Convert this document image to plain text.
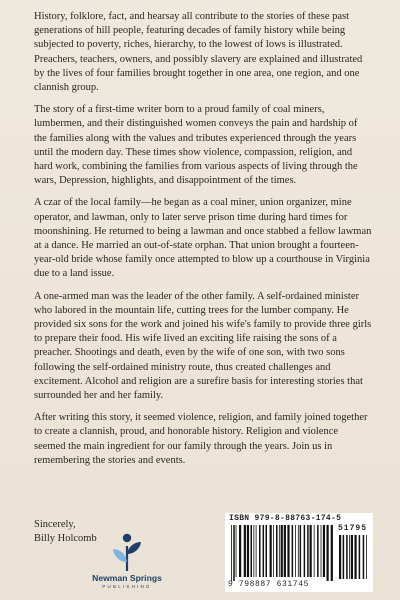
History, folklore, fact, and hearsay all contribute to the stories of these past generations of hill people, featuring decades of family history while being subjected to poverty, riches, hierarchy, to the lowest of lows is illustrated. Preachers, teachers, owners, and possibly slavery are explained and illustrated by the lives of four families brought together in one area, one region, and one clannish group.

The story of a first-time writer born to a proud family of coal miners, lumbermen, and their distinguished women conveys the pain and hardship of the families along with the values and tributes experienced through the years until the modern day. These times show violence, compassion, religion, and hard work, combining the families from various aspects of living through the wars, Depression, highlights, and disappointment of the times.

A czar of the local family—he began as a coal miner, union organizer, mine operator, and lawman, only to later serve prison time during hard times for moonshining. He returned to being a lawman and once stabbed a fellow lawman at a dance. He married an out-of-state orphan. That union brought a fourteen-year-old bride whose family once attempted to blow up a courthouse in Virginia due to a land issue.

A one-armed man was the leader of the other family. A self-ordained minister who labored in the mountain life, cutting trees for the lumber company. He provided six sons for the work and joined his wife's family to provide three girls to prepare their food. His wife lived an exciting life raising the sons of a preacher. Shootings and death, even by the wife of one son, with two sons following the self-ordained ministry route, thus created challenges and excitement. Alcohol and religion are a surefire basis for interesting stories that surrounded her and her family.

After writing this story, it seemed violence, religion, and family joined together to create a clannish, proud, and honorable history. Religion and violence seemed the main ingredient for our family through the years. Join us in remembering the stories and events.

Sincerely,
Billy Holcomb
Newman Springs
PUBLISHING
ISBN 979-8-88763-174-5
51795
9 798887 631745
